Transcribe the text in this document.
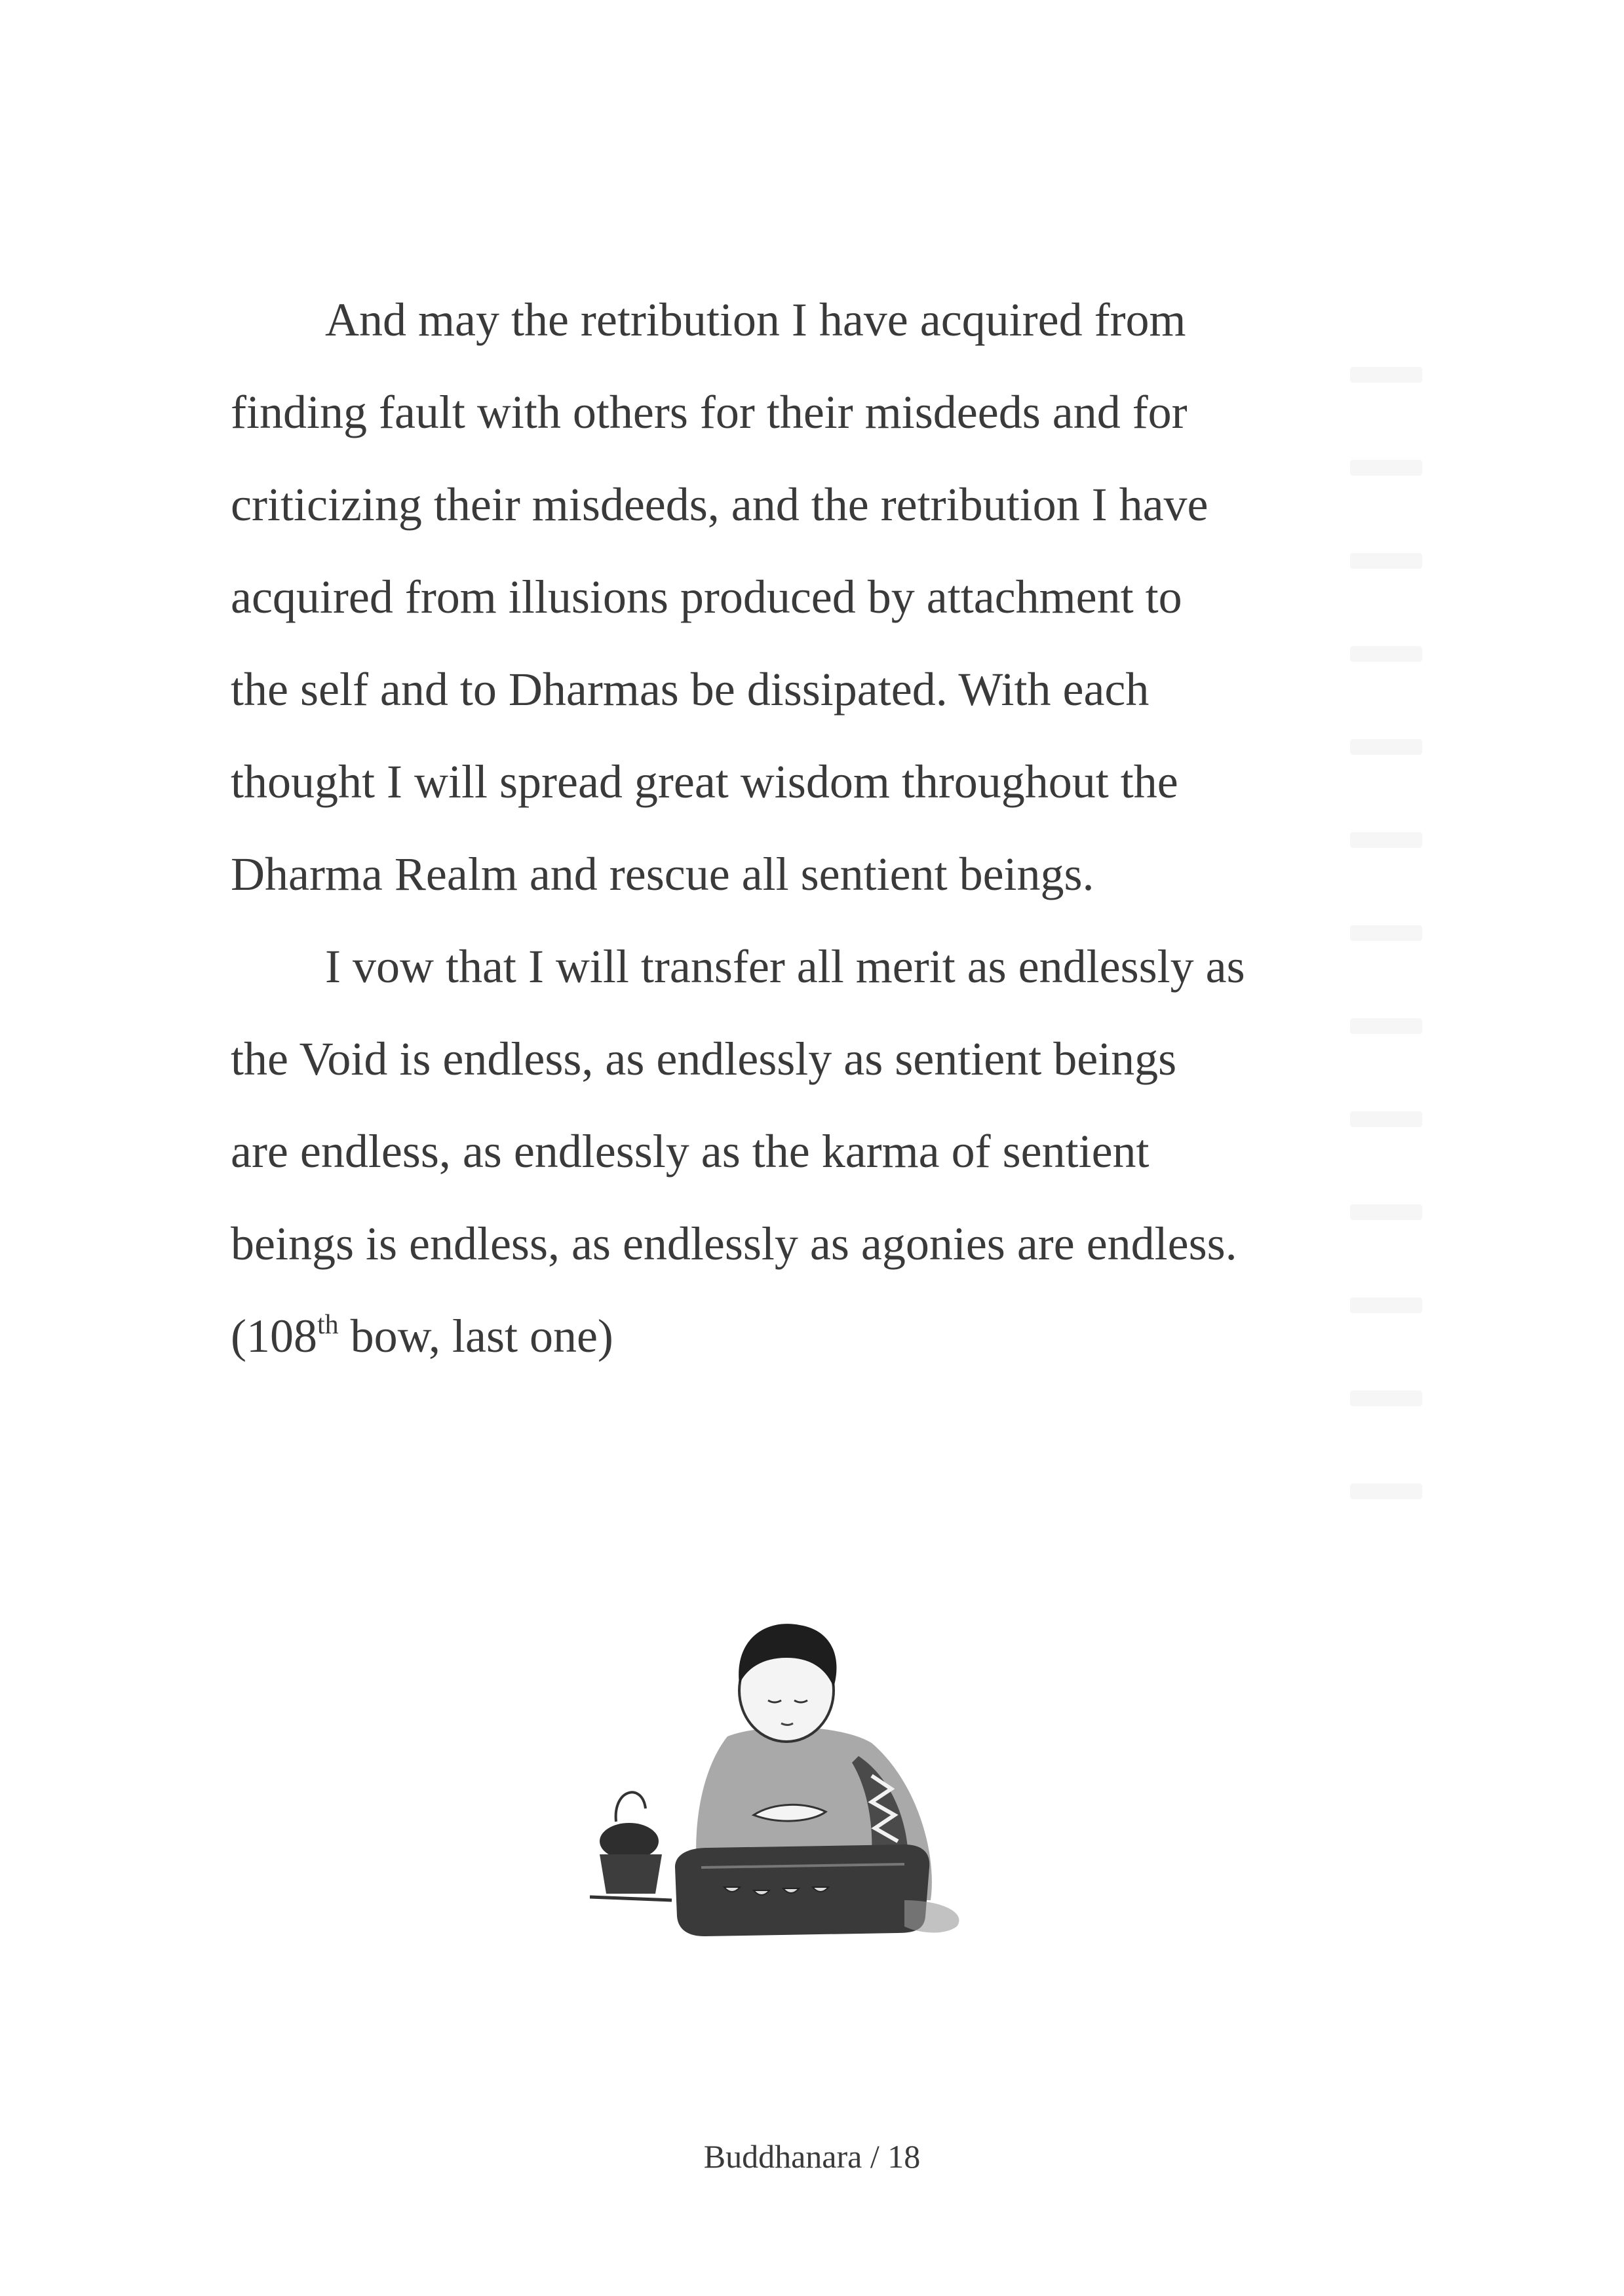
And may the retribution I have acquired from
finding fault with others for their misdeeds and for
criticizing their misdeeds, and the retribution I have
acquired from illusions produced by attachment to
the self and to Dharmas be dissipated. With each
thought I will spread great wisdom throughout the
Dharma Realm and rescue all sentient beings.

I vow that I will transfer all merit as endlessly as
the Void is endless, as endlessly as sentient beings
are endless, as endlessly as the karma of sentient
beings is endless, as endlessly as agonies are endless.
(108th bow, last one)

Buddhanara / 18
